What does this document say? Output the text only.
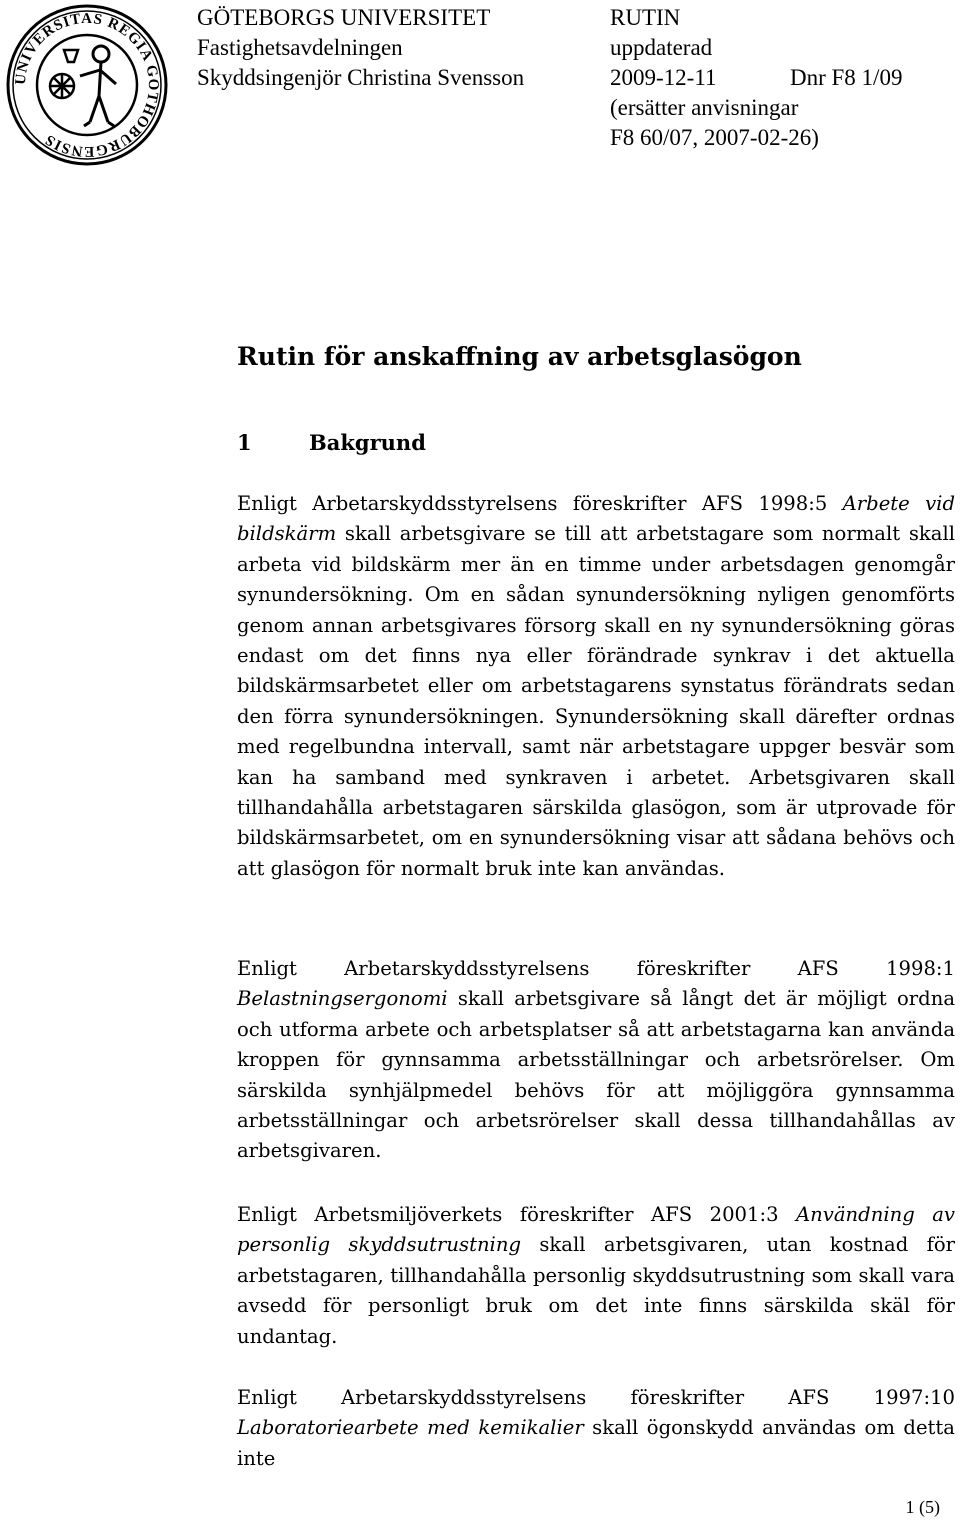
UNIVERSITAS REGIA GOTHOBURGENSIS
GÖTEBORGS UNIVERSITET
Fastighetsavdelningen
Skyddsingenjör Christina Svensson
RUTIN
uppdaterad
2009-12-11
(ersätter anvisningar
F8 60/07, 2007-02-26)
Dnr F8 1/09
Rutin för anskaffning av arbetsglasögon
1	Bakgrund

Enligt Arbetarskyddsstyrelsens föreskrifter AFS 1998:5 Arbete vid bildskärm skall arbetsgivare se till att arbetstagare som normalt skall arbeta vid bildskärm mer än en timme under arbetsdagen genomgår synundersökning. Om en sådan synundersökning nyligen genomförts genom annan arbetsgivares försorg skall en ny synundersökning göras endast om det finns nya eller förändrade synkrav i det aktuella bildskärmsarbetet eller om arbetstagarens synstatus förändrats sedan den förra synundersökningen. Synundersökning skall därefter ordnas med regelbundna intervall, samt när arbetstagare uppger besvär som kan ha samband med synkraven i arbetet. Arbetsgivaren skall tillhandahålla arbetstagaren särskilda glasögon, som är utprovade för bildskärmsarbetet, om en synundersökning visar att sådana behövs och att glasögon för normalt bruk inte kan användas.

Enligt Arbetarskyddsstyrelsens föreskrifter AFS 1998:1 Belastningsergonomi skall arbetsgivare så långt det är möjligt ordna och utforma arbete och arbetsplatser så att arbetstagarna kan använda kroppen för gynnsamma arbetsställningar och arbetsrörelser. Om särskilda synhjälpmedel behövs för att möjliggöra gynnsamma arbetsställningar och arbetsrörelser skall dessa tillhandahållas av arbetsgivaren.

Enligt Arbetsmiljöverkets föreskrifter AFS 2001:3 Användning av personlig skyddsutrustning skall arbetsgivaren, utan kostnad för arbetstagaren, tillhandahålla personlig skyddsutrustning som skall vara avsedd för personligt bruk om det inte finns särskilda skäl för undantag.

Enligt Arbetarskyddsstyrelsens föreskrifter AFS 1997:10 Laboratoriearbete med kemikalier skall ögonskydd användas om detta inte

1 (5)
